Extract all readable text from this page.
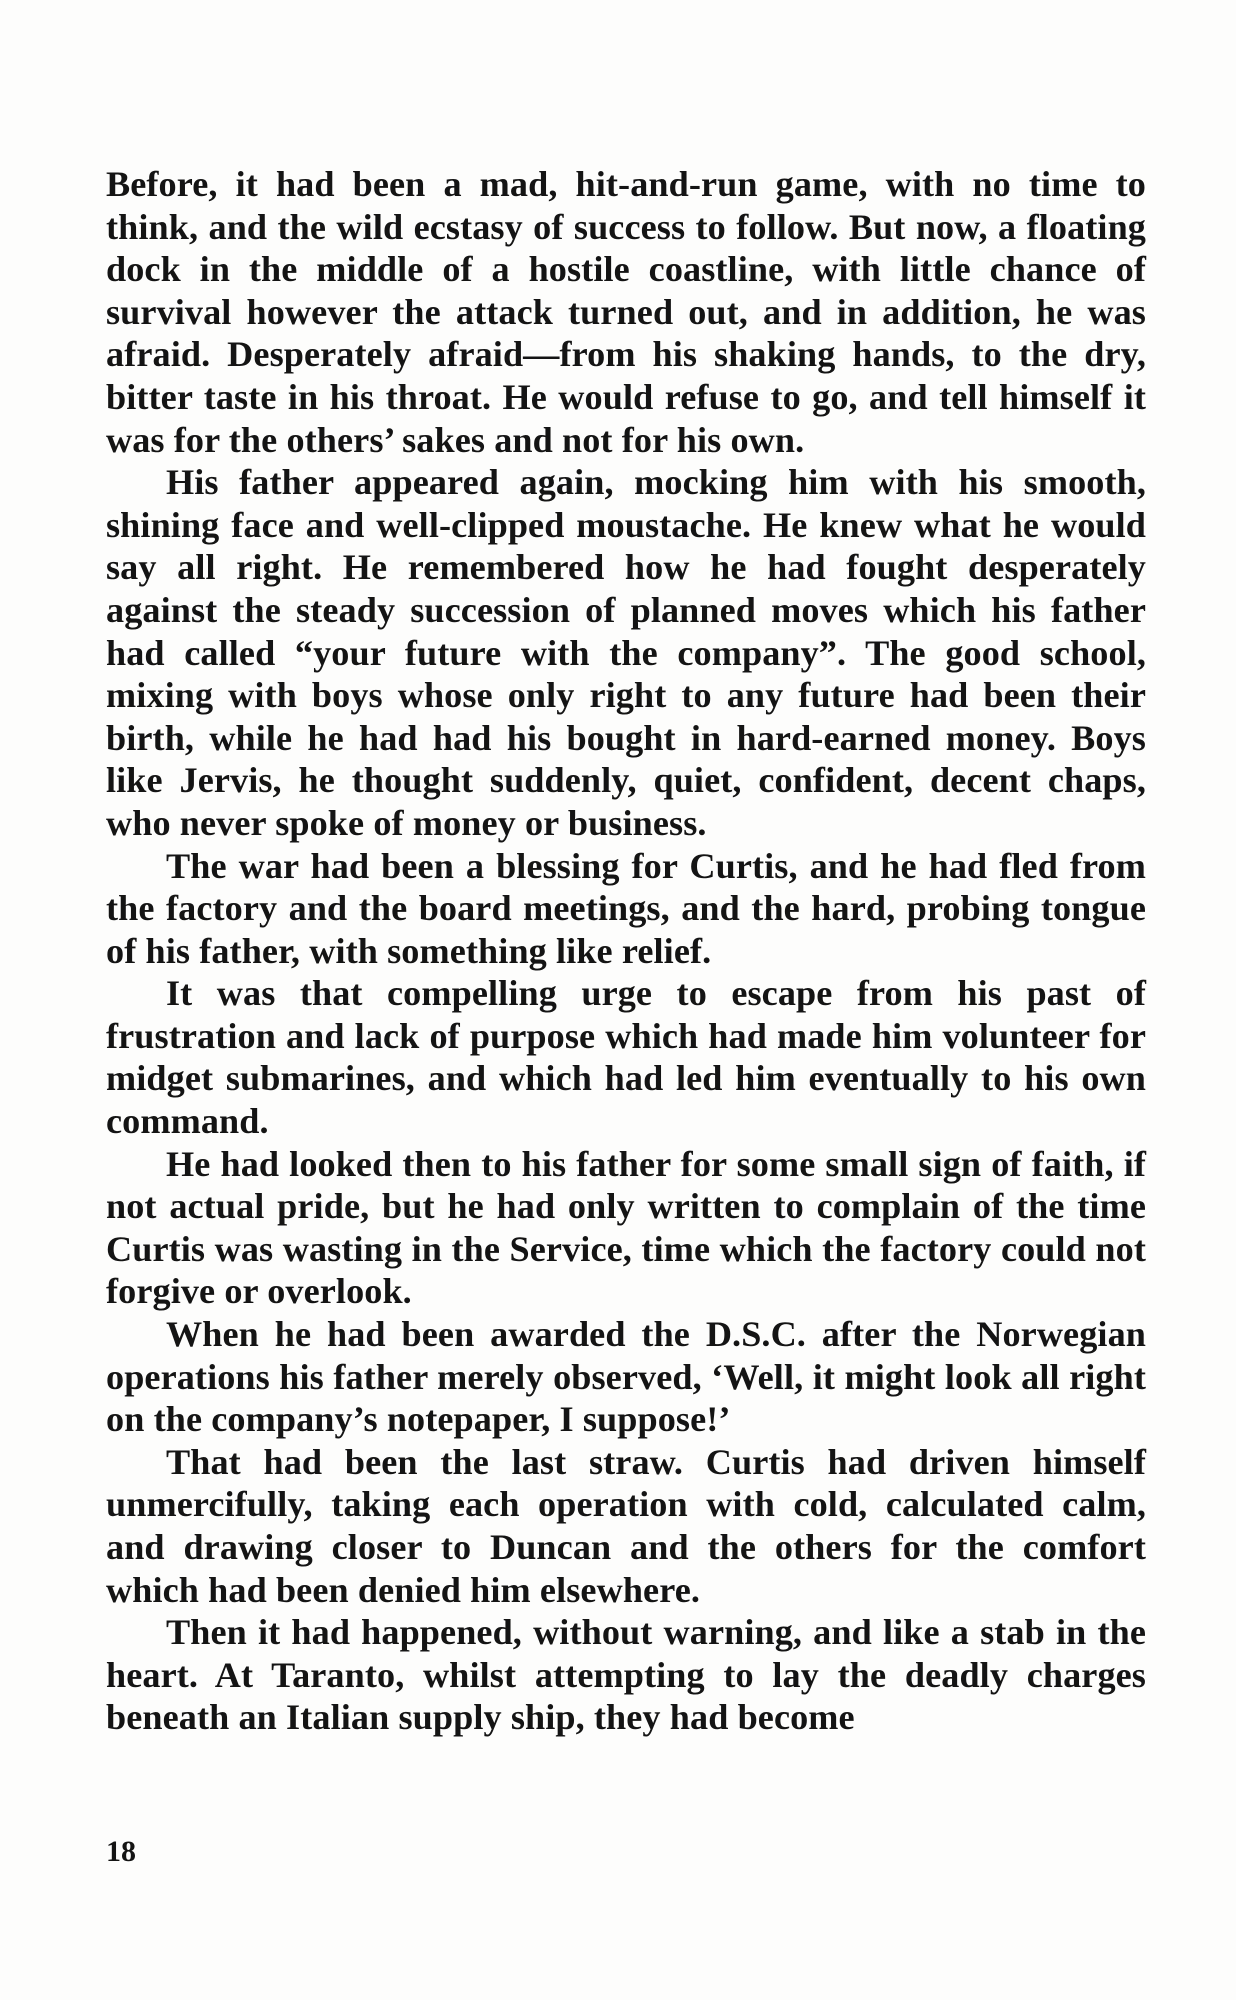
Before, it had been a mad, hit-and-run game, with no time to think, and the wild ecstasy of success to follow. But now, a floating dock in the middle of a hostile coastline, with little chance of survival however the attack turned out, and in addition, he was afraid. Desperately afraid—from his shaking hands, to the dry, bitter taste in his throat. He would refuse to go, and tell himself it was for the others’ sakes and not for his own.

His father appeared again, mocking him with his smooth, shining face and well-clipped moustache. He knew what he would say all right. He remembered how he had fought desperately against the steady succession of planned moves which his father had called “your future with the company”. The good school, mixing with boys whose only right to any future had been their birth, while he had had his bought in hard-earned money. Boys like Jervis, he thought suddenly, quiet, confident, decent chaps, who never spoke of money or business.

The war had been a blessing for Curtis, and he had fled from the factory and the board meetings, and the hard, probing tongue of his father, with something like relief.

It was that compelling urge to escape from his past of frustration and lack of purpose which had made him volunteer for midget submarines, and which had led him eventually to his own command.

He had looked then to his father for some small sign of faith, if not actual pride, but he had only written to complain of the time Curtis was wasting in the Service, time which the factory could not forgive or overlook.

When he had been awarded the D.S.C. after the Norwegian operations his father merely observed, ‘Well, it might look all right on the company’s notepaper, I suppose!’

That had been the last straw. Curtis had driven himself unmercifully, taking each operation with cold, calculated calm, and drawing closer to Duncan and the others for the comfort which had been denied him elsewhere.

Then it had happened, without warning, and like a stab in the heart. At Taranto, whilst attempting to lay the deadly charges beneath an Italian supply ship, they had become

18
